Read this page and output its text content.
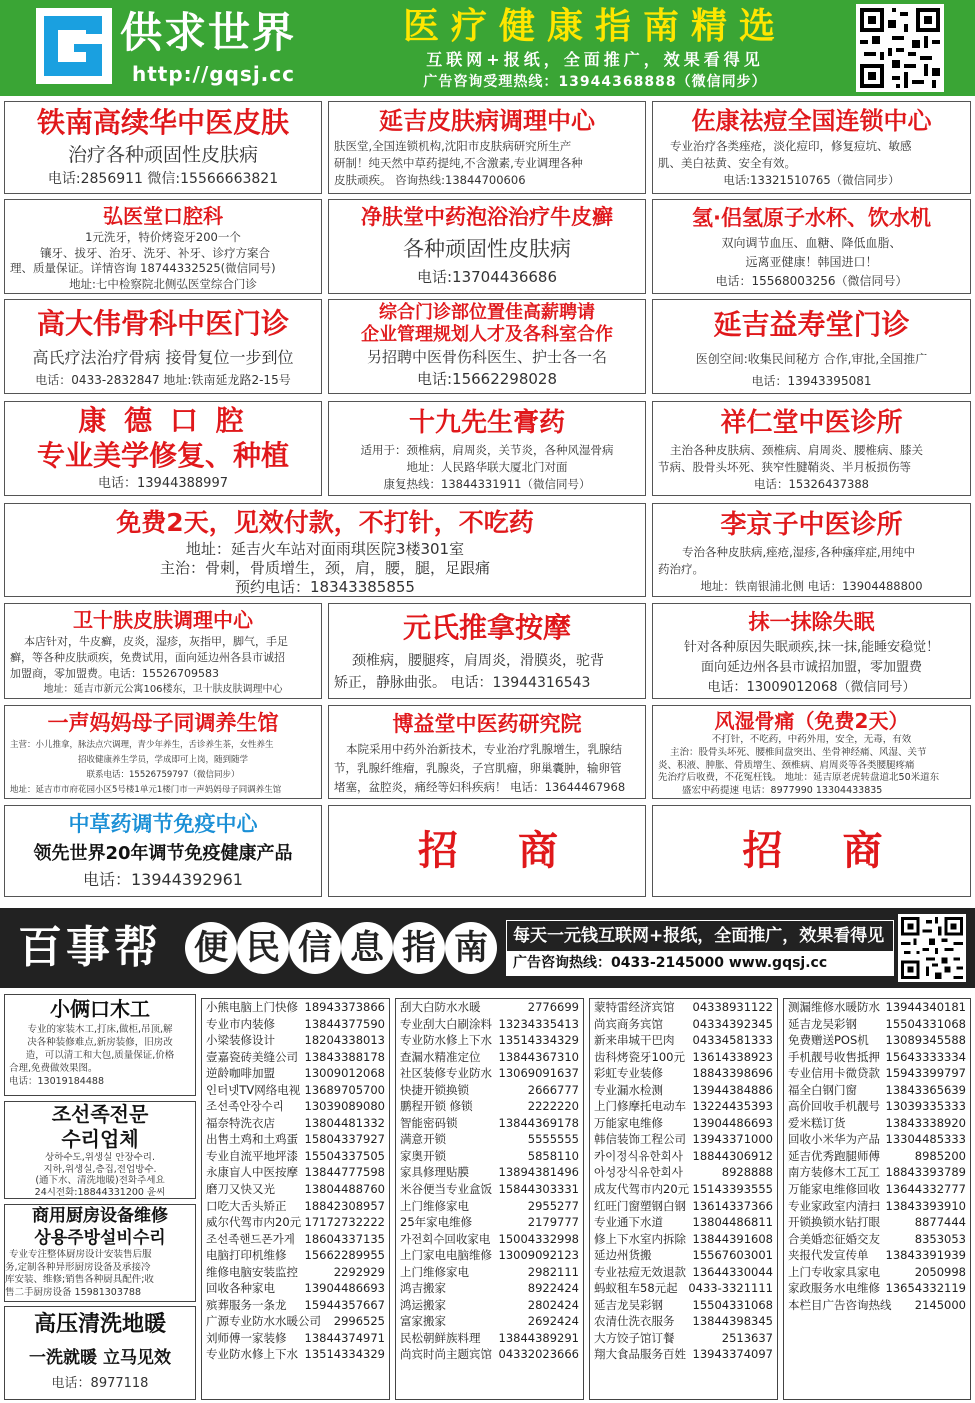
供求世界
http://gqsj.cc
医疗健康指南精选
互联网+报纸，全面推广，效果看得见
广告咨询受理热线：13944368888（微信同步）
铁南高续华中医皮肤
治疗各种顽固性皮肤病
电话:2856911 微信:15566663821
延吉皮肤病调理中心
肤医堂,全国连锁机构,沈阳市皮肤病研究所生产
研制！纯天然中草药提纯,不含激素,专业调理各种
皮肤顽疾。 咨询热线:13844700606
佐康祛痘全国连锁中心
专业治疗各类痤疮，淡化痘印，修复痘坑、敏感
肌、美白祛黄、安全有效。
电话:13321510765（微信同步）
弘医堂口腔科
1元洗牙，特价烤瓷牙200一个
镶牙、拔牙、治牙、洗牙、补牙、诊疗方案合
理、质量保证。详情咨询 18744332525(微信同号)
地址:七中检察院北侧弘医堂综合门诊
净肤堂中药泡浴治疗牛皮癣
各种顽固性皮肤病
电话:13704436686
氢·侣氢原子水杯、饮水机
双向调节血压、血糖、降低血脂、
远离亚健康！韩国进口！
电话：15568003256（微信同号）
高大伟骨科中医门诊
高氏疗法治疗骨病 接骨复位一步到位
电话：0433-2832847 地址:铁南延龙路2-15号
综合门诊部位置佳高薪聘请
企业管理规划人才及各科室合作
另招聘中医骨伤科医生、护士各一名
电话:15662298028
延吉益寿堂门诊
医创空间:收集民间秘方 合作,审批,全国推广
电话：13943395081
康 德 口 腔
专业美学修复、种植
电话：13944388997
十九先生膏药
适用于：颈椎病，肩周炎，关节炎，各种风湿骨病
地址：人民路华联大厦北门对面
康复热线：13844331911（微信同号）
祥仁堂中医诊所
主治各种皮肤病、颈椎病、肩周炎、腰椎病、膝关
节病、股骨头坏死、狭窄性腱鞘炎、半月板损伤等
电话：15326437388
免费2天，见效付款，不打针，不吃药
地址：延吉火车站对面雨琪医院3楼301室
主治：骨刺，骨质增生，颈，肩，腰，腿，足跟痛
预约电话：18343385855
李京子中医诊所
专治各种皮肤病,痤疮,湿疹,各种瘙痒症,用纯中
药治疗。
地址：铁南银浦北侧 电话：13904488800
卫十肤皮肤调理中心
本店针对，牛皮癣，皮炎，湿疹，灰指甲，脚气，手足
癣，等各种皮肤顽疾，免费试用，面向延边州各县市诚招
加盟商，零加盟费。电话：15526709583
地址：延吉市新元公寓106楼东，卫十肤皮肤调理中心
元氏推拿按摩
颈椎病，腰腿疼，肩周炎，滑膜炎，驼背
矫正，静脉曲张。 电话：13944316543
抹一抹除失眠
针对各种原因失眠顽疾,抹一抹,能睡安稳觉！
面向延边州各县市诚招加盟，零加盟费
电话：13009012068（微信同号）
一声妈妈母子同调养生馆
主营：小儿推拿，脉法点穴调理，青少年养生，舌诊养生茶，女性养生
招收健康养生学员，学成即可上岗，随到随学
联系电话：15526759797（微信同步）
地址：延吉市市府花园小区5号楼1单元1楼门市一声妈妈母子同调养生馆
博益堂中医药研究院
本院采用中药外治新技术，专业治疗乳腺增生，乳腺结
节，乳腺纤维瘤，乳腺炎，子宫肌瘤，卵巢囊肿，输卵管
堵塞，盆腔炎，痛经等妇科疾病！ 电话：13644467968
风湿骨痛（免费2天）
不打针，不吃药，中药外用，安全，无毒，有效
主治：股骨头坏死、腰椎间盘突出、坐骨神经痛、风湿、关节
炎、积液、肿胀、骨质增生、颈椎病、肩周炎等各类腰腿疼痛
先治疗后收费，不花冤枉钱。 地址：延吉原老虎转盘道北50米道东
盛宏中药提速 电话：8977990 13304433835
中草药调节免疫中心
领先世界20年调节免疫健康产品
电话：13944392961
招商	招商
百事帮 便 民 信 息 指 南	每天一元钱互联网+报纸，全面推广，效果看得见
广告咨询热线：0433-2145000 www.gqsj.cc
小俩口木工
专业的家装木工,打床,做柜,吊顶,解
决各种装修难点,新房装修，旧房改
造，可以清工和大包,质量保证,价格
合理,免费做效果图。
电话：13019184488
조선족전문
수리업체
상하수도,위생실 안장수리.
지하,위생실,층집,전업방수.
(通下水、清洗地暖)전화주세요
24시전화:18844331200 윤씨
商用厨房设备维修
상용주방설비수리
专业专注整体厨房设计安装售后服
务,定制各种异形厨房设备及承接冷
库安装、维修;销售各种厨具配件;收
售二手厨房设备 15981303788
高压清洗地暖
一洗就暖 立马见效
电话：8977118
小熊电脑上门快修 18943373866
专业市内装修	13844377590
小梁装修设计	18204338013
壹嘉瓷砖美缝公司 13843388178
逆龄咖啡加盟	13009012068
인터넷TV网络电视 13689705700
조선족안장수리 13039089080
福奈特洗衣店	13804481332
出售土鸡和土鸡蛋 15804337927
专业自流平地坪漆 15504337505
永康盲人中医按摩 13844777598
磨刀又快又光	13804488760
口吃大舌头矫正 18842308957
威尔代驾市内20元 17172732222
조선족핸드폰가게 18604337135
电脑打印机维修 15662289955
维修电脑安装监控	2292929
回收各种家电	13904486693
殡葬服务一条龙 15944357667
广源专业防水水暖公司 2996525
刘师傅一家装修 13844374971
专业防水修上下水 13514334329
刮大白防水水暖	2776699
专业刮大白刷涂料 13234335413
专业防水修上下水 13514334329
查漏水精准定位 13844367310
社区装修专业防水 13069091637
快捷开锁换锁	2666777
鹏程开锁 修锁	2222220
智能密码锁	13844369178
满意开锁	5555555
家奥开锁	5858110
家具修理贴膜	13894381496
米谷便当专业盒饭 15844303331
上门维修家电	2955277
25年家电维修	2179777
가전회수回收家电 15004332998
上门家电电脑维修 13009092123
上门维修家电	2982111
鸿吉搬家	8922424
鸿运搬家	2802424
富家搬家	2692424
民松朝鲜族料理 13844389291
尚宾时尚主题宾馆 04332023666
蒙特雷经济宾馆 04338931122
尚宾商务宾馆	04334392345
新来串城干巴肉 04334581333
齿科烤瓷牙100元 13614338923
彩虹专业装修	18843398696
专业漏水检测	13944384886
上门修摩托电动车 13224435393
万能家电维修	13904486693
韩信装饰工程公司 13943371000
카이정식유한회사 18844306912
아성장식유한회사	8928888
成友代驾市内20元 15143393555
红旺门窗塑钢白钢 13614337366
专业通下水道	13804486811
修上下水室内拆除 13844391608
延边州货搬	15567603001
专业祛痘无效退款 13644330044
蚂蚁租车58元起 0433-3321111
延吉龙吴彩钢	15504331068
农清仕洗衣服务 13844398345
大方饺子馆订餐	2513637
翔大食品服务百姓 13943374097
测漏维修水暖防水 13944340181
延吉龙吴彩钢 15504331068
免费赠送POS机 13089345588
手机靓号收售抵押 15643333334
专业信用卡微贷款 15943399797
福全白钢门窗 13843365639
高价回收手机靓号 13039335333
爱米糕订货	13843338920
回收小米华为产品 13304485333
延吉优秀跑腿师傅	8985200
南方装修木工瓦工 18843393789
万能家电维修回收 13644332777
专业家政室内清扫 13843393910
开锁换锁水钻打眼	8877444
合美婚恋征婚交友	8353053
夹报代发宣传单 13843391939
上门专收家具家电	2050998
家政服务水电维修 13654332119
本栏目广告咨询热线 2145000
